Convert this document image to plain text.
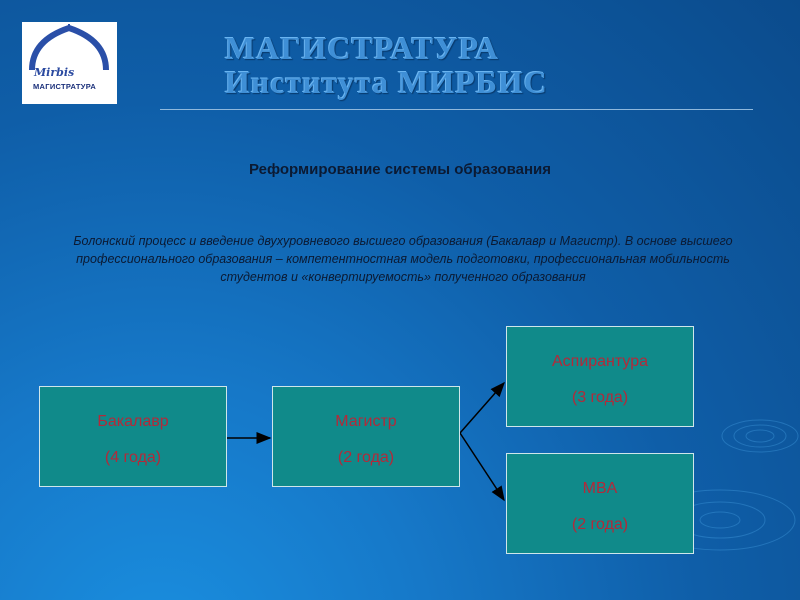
Mirbis
МАГИСТРАТУРА
МАГИСТРАТУРА
Института МИРБИС
Реформирование системы образования
Болонский процесс и введение двухуровневого высшего образования (Бакалавр и Магистр). В основе высшего профессионального образования – компетентностная модель подготовки, профессиональная мобильность студентов и «конвертируемость» полученного образования
Бакалавр
(4 года)
Магистр
(2 года)
Аспирантура
(3 года)
MBA
(2 года)
